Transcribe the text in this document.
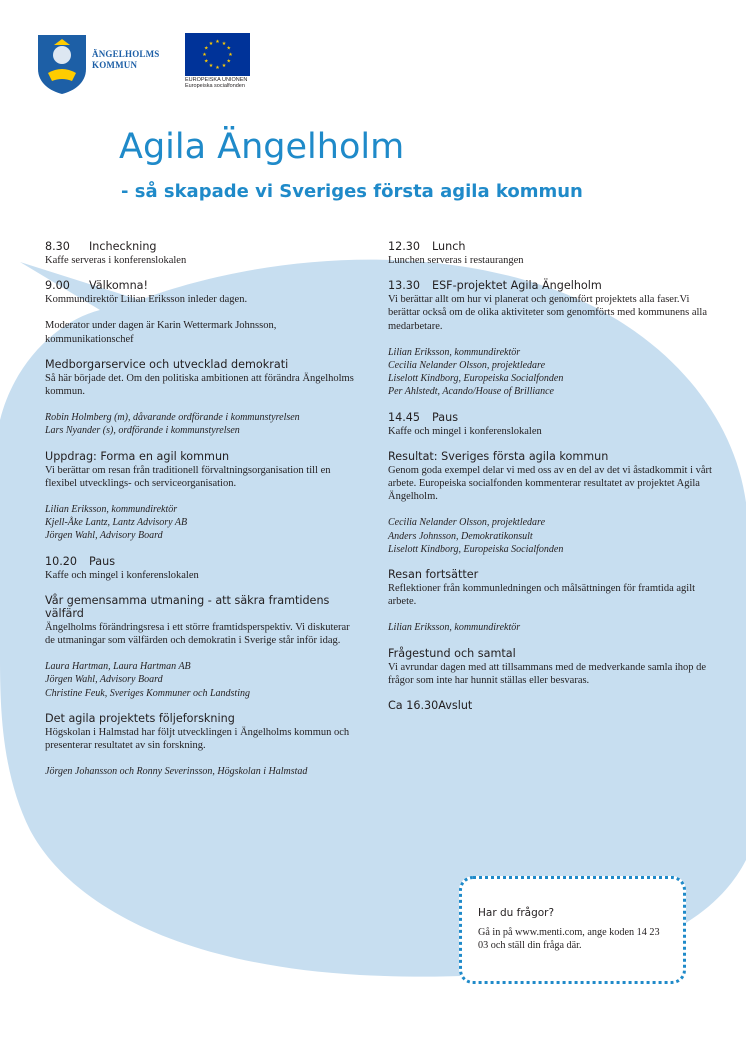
ÄNGELHOLMS KOMMUN
★ ★
★
★
★
★
★
★
★
★
★
★
EUROPEISKA UNIONEN
Europeiska socialfonden
Agila Ängelholm
- så skapade vi Sveriges första agila kommun
8.30 Incheckning
Kaffe serveras i konferenslokalen
9.00 Välkomna!
Kommundirektör Lilian Eriksson inleder dagen.
Moderator under dagen är Karin Wettermark Johnsson, kommunikationschef
Medborgarservice och utvecklad demokrati
Så här började det. Om den politiska ambitionen att förändra Ängelholms kommun.
Robin Holmberg (m), dåvarande ordförande i kommunstyrelsen
Lars Nyander (s), ordförande i kommunstyrelsen
Uppdrag: Forma en agil kommun
Vi berättar om resan från traditionell förvaltningsorganisation till en flexibel utvecklings- och serviceorganisation.
Lilian Eriksson, kommundirektör
Kjell-Åke Lantz, Lantz Advisory AB
Jörgen Wahl, Advisory Board
10.20 Paus
Kaffe och mingel i konferenslokalen
Vår gemensamma utmaning - att säkra framtidens välfärd
Ängelholms förändringsresa i ett större framtidsperspektiv. Vi diskuterar de utmaningar som välfärden och demokratin i Sverige står inför idag.
Laura Hartman, Laura Hartman AB
Jörgen Wahl, Advisory Board
Christine Feuk, Sveriges Kommuner och Landsting
Det agila projektets följeforskning
Högskolan i Halmstad har följt utvecklingen i Ängelholms kommun och presenterar resultatet av sin forskning.
Jörgen Johansson och Ronny Severinsson, Högskolan i Halmstad
12.30 Lunch
Lunchen serveras i restaurangen
13.30 ESF-projektet Agila Ängelholm
Vi berättar allt om hur vi planerat och genomfört projektets alla faser.Vi berättar också om de olika aktiviteter som genomförts med kommunens alla medarbetare.
Lilian Eriksson, kommundirektör
Cecilia Nelander Olsson, projektledare
Liselott Kindborg, Europeiska Socialfonden
Per Ahlstedt, Acando/House of Brilliance
14.45 Paus
Kaffe och mingel i konferenslokalen
Resultat: Sveriges första agila kommun
Genom goda exempel delar vi med oss av en del av det vi åstadkommit i vårt arbete. Europeiska socialfonden kommenterar resultatet av projektet Agila Ängelholm.
Cecilia Nelander Olsson, projektledare
Anders Johnsson, Demokratikonsult
Liselott Kindborg, Europeiska Socialfonden
Resan fortsätter
Reflektioner från kommunledningen och målsättningen för framtida agilt arbete.
Lilian Eriksson, kommundirektör
Frågestund och samtal
Vi avrundar dagen med att tillsammans med de medverkande samla ihop de frågor som inte har hunnit ställas eller besvaras.
Ca 16.30Avslut
Har du frågor?
Gå in på www.menti.com, ange koden 14 23 03 och ställ din fråga där.
